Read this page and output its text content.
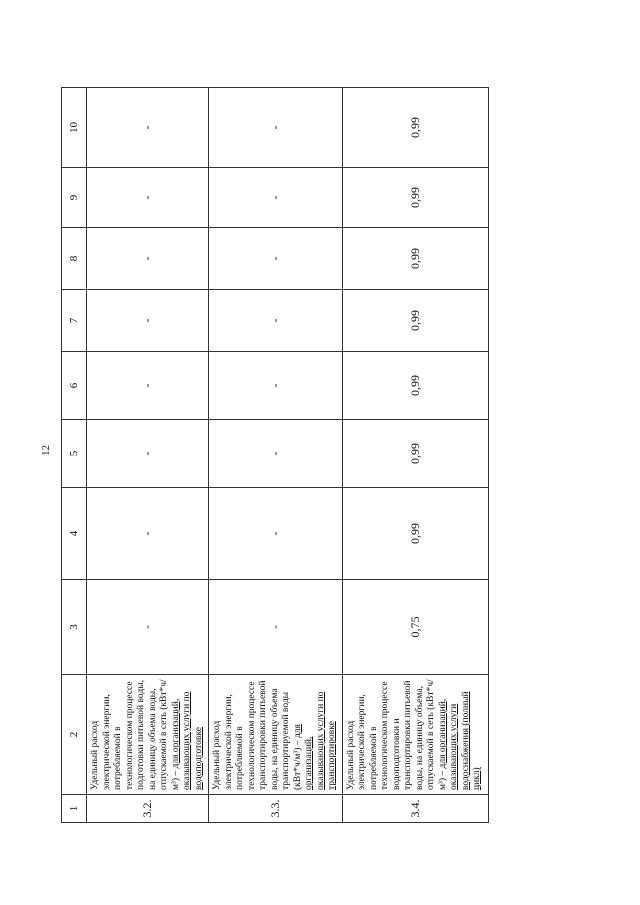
12
1	2	3	4	5	6	7	8	9	10
3.2.	Удельный расход электрической энергии, потребляемой в технологическом процессе подготовки питьевой воды, на единицу объема воды, отпускаемой в сеть (кВт*ч/м³) – для организаций, оказывающих услуги по водоподготовке	-	-	-	-	-	-	-	-
3.3.	Удельный расход электрической энергии, потребляемой в технологическом процессе транспортировки питьевой воды, на единицу объема транспортируемой воды (кВт*ч/м³) – для организаций, оказывающих услуги по транспортировке	-	-	-	-	-	-	-	-
3.4.	Удельный расход электрической энергии, потребляемой в технологическом процессе водоподготовки и транспортировки питьевой воды, на единицу объема, отпускаемой в сеть (кВт*ч/м³) – для организаций, оказывающих услуги водоснабжения (полный цикл)	0,75	0,99	0,99	0,99	0,99	0,99	0,99	0,99
